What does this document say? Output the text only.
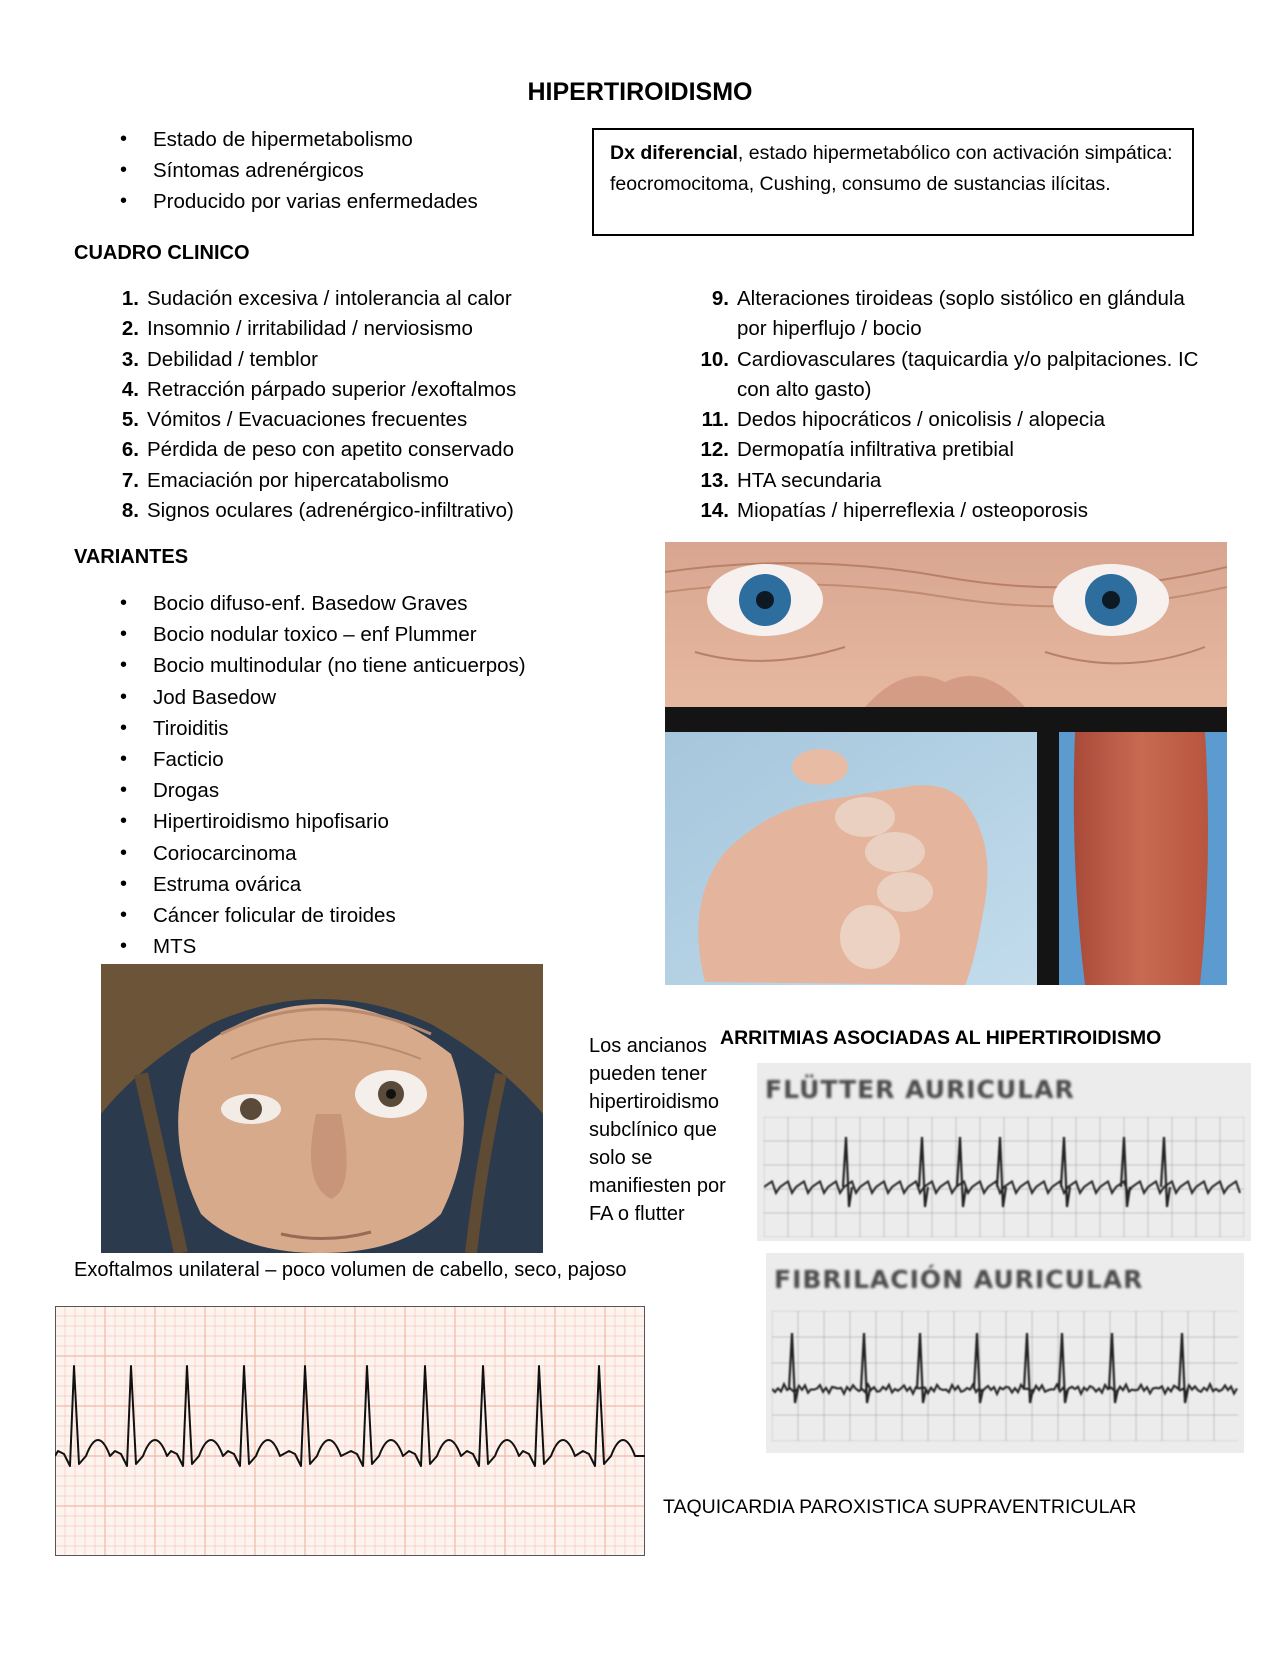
HIPERTIROIDISMO
• Estado de hipermetabolismo
• Síntomas adrenérgicos
• Producido por varias enfermedades
Dx diferencial, estado hipermetabólico con activación simpática: feocromocitoma, Cushing, consumo de sustancias ilícitas.
CUADRO CLINICO
1. Sudación excesiva / intolerancia al calor
2. Insomnio / irritabilidad / nerviosismo
3. Debilidad / temblor
4. Retracción párpado superior /exoftalmos
5. Vómitos / Evacuaciones frecuentes
6. Pérdida de peso con apetito conservado
7. Emaciación por hipercatabolismo
8. Signos oculares (adrenérgico-infiltrativo)
9. Alteraciones tiroideas (soplo sistólico en glándula por hiperflujo / bocio
10. Cardiovasculares (taquicardia y/o palpitaciones. IC con alto gasto)
11. Dedos hipocráticos / onicolisis / alopecia
12. Dermopatía infiltrativa pretibial
13. HTA secundaria
14. Miopatías / hiperreflexia / osteoporosis
VARIANTES
• Bocio difuso-enf. Basedow Graves
• Bocio nodular toxico – enf Plummer
• Bocio multinodular (no tiene anticuerpos)
• Jod Basedow
• Tiroiditis
• Facticio
• Drogas
• Hipertiroidismo hipofisario
• Coriocarcinoma
• Estruma ovárica
• Cáncer folicular de tiroides
• MTS
Exoftalmos unilateral – poco volumen de cabello, seco, pajoso
Los ancianos pueden tener hipertiroidismo subclínico que solo se manifiesten por FA o flutter
ARRITMIAS ASOCIADAS AL HIPERTIROIDISMO
FLÜTTER AURICULAR
FIBRILACIÓN AURICULAR
TAQUICARDIA PAROXISTICA SUPRAVENTRICULAR
